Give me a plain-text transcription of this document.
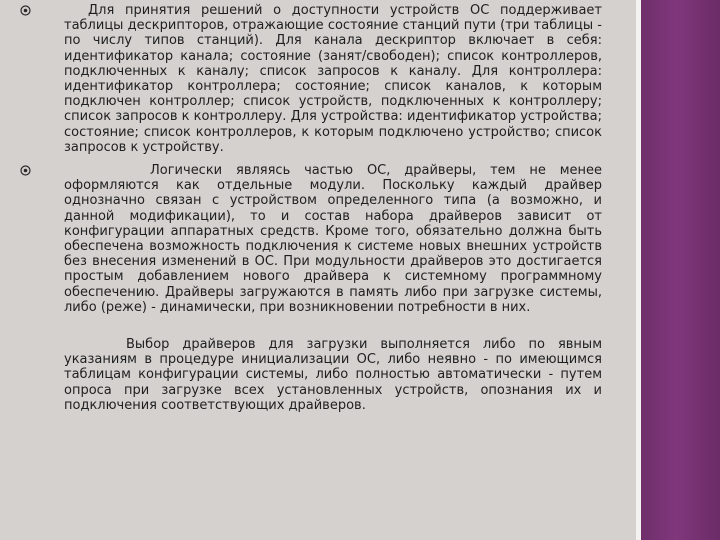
Для принятия решений о доступности устройств ОС поддерживает таблицы дескрипторов, отражающие состояние станций пути (три таблицы - по числу типов станций). Для канала дескриптор включает в себя: идентификатор канала; состояние (занят/свободен); список контроллеров, подключенных к каналу; список запросов к каналу. Для контроллера: идентификатор контроллера; состояние; список каналов, к которым подключен контроллер; список устройств, подключенных к контроллеру; список запросов к контроллеру. Для устройства: идентификатор устройства; состояние; список контроллеров, к которым подключено устройство; список запросов к устройству.

Логически являясь частью ОС, драйверы, тем не менее оформляются как отдельные модули. Поскольку каждый драйвер однозначно связан с устройством определенного типа (а возможно, и данной модификации), то и состав набора драйверов зависит от конфигурации аппаратных средств. Кроме того, обязательно должна быть обеспечена возможность подключения к системе новых внешних устройств без внесения изменений в ОС. При модульности драйверов это достигается простым добавлением нового драйвера к системному программному обеспечению. Драйверы загружаются в память либо при загрузке системы, либо (реже) - динамически, при возникновении потребности в них.

Выбор драйверов для загрузки выполняется либо по явным указаниям в процедуре инициализации ОС, либо неявно - по имеющимся таблицам конфигурации системы, либо полностью автоматически - путем опроса при загрузке всех установленных устройств, опознания их и подключения соответствующих драйверов.
